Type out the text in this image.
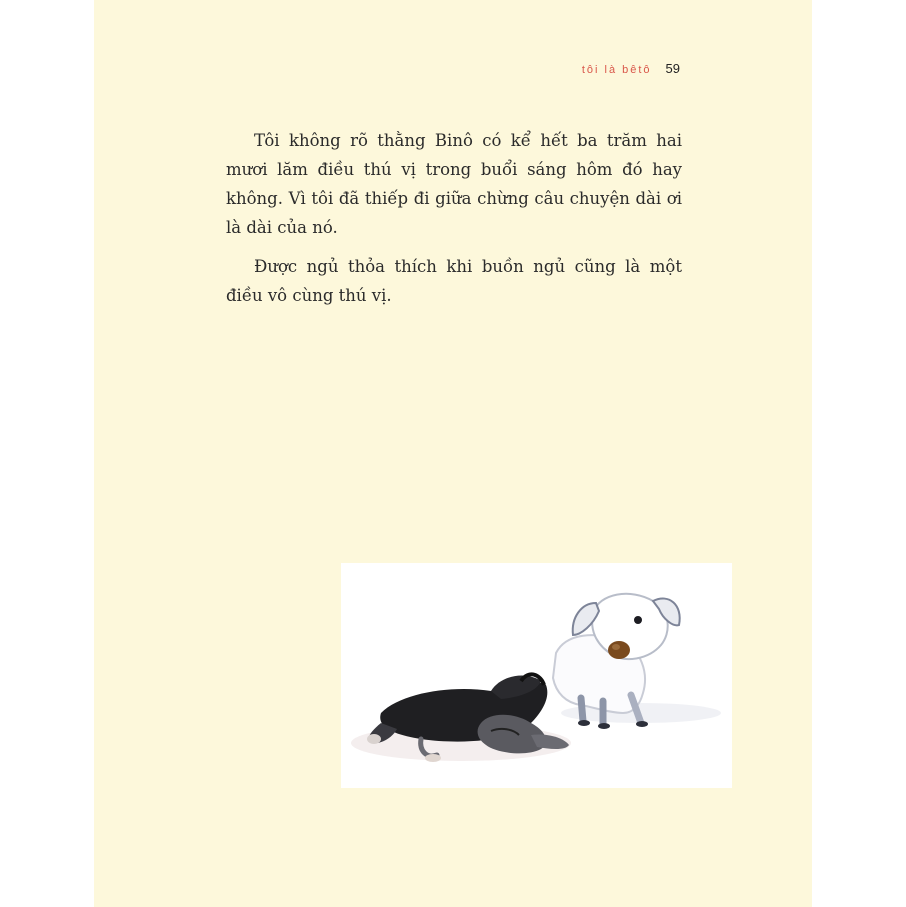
tôi là bêtô 59

Tôi không rõ thằng Binô có kể hết ba trăm hai mươi lăm điều thú vị trong buổi sáng hôm đó hay không. Vì tôi đã thiếp đi giữa chừng câu chuyện dài ơi là dài của nó.

Được ngủ thỏa thích khi buồn ngủ cũng là một điều vô cùng thú vị.
